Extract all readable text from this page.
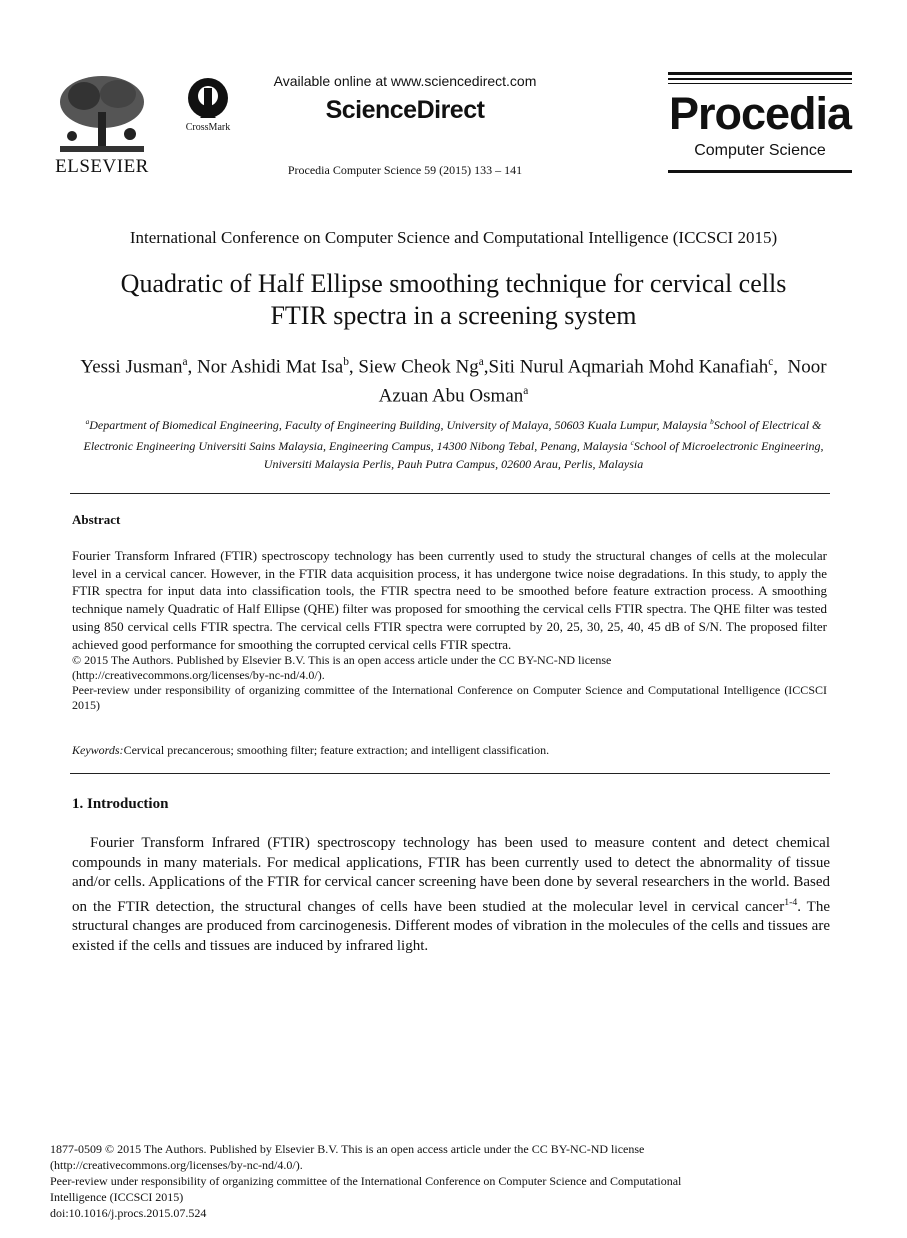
ELSEVIER
CrossMark
Available online at www.sciencedirect.com
ScienceDirect
Procedia Computer Science 59 (2015) 133 – 141
Procedia
Computer Science
International Conference on Computer Science and Computational Intelligence (ICCSCI 2015)
Quadratic of Half Ellipse smoothing technique for cervical cells
FTIR spectra in a screening system
Yessi Jusman$^a$, Nor Ashidi Mat Isa$^b$, Siew Cheok Ng$^a$,Siti Nurul Aqmariah Mohd Kanafiah$^c$,  Noor Azuan Abu Osman$^a$
$^a$Department of Biomedical Engineering, Faculty of Engineering Building, University of Malaya, 50603 Kuala Lumpur, Malaysia $^b$School of Electrical & Electronic Engineering Universiti Sains Malaysia, Engineering Campus, 14300 Nibong Tebal, Penang, Malaysia $^c$School of Microelectronic Engineering, Universiti Malaysia Perlis, Pauh Putra Campus, 02600 Arau, Perlis, Malaysia
Abstract

Fourier Transform Infrared (FTIR) spectroscopy technology has been currently used to study the structural changes of cells at the molecular level in a cervical cancer. However, in the FTIR data acquisition process, it has undergone twice noise degradations. In this study, to apply the FTIR spectra for input data into classification tools, the FTIR spectra need to be smoothed before feature extraction process. A smoothing technique namely Quadratic of Half Ellipse (QHE) filter was proposed for smoothing the cervical cells FTIR spectra. The QHE filter was tested using 850 cervical cells FTIR spectra. The cervical cells FTIR spectra were corrupted by 20, 25, 30, 25, 40, 45 dB of S/N. The proposed filter achieved good performance for smoothing the corrupted cervical cells FTIR spectra.

© 2015 The Authors. Published by Elsevier B.V. This is an open access article under the CC BY-NC-ND license

(http://creativecommons.org/licenses/by-nc-nd/4.0/).

Peer-review under responsibility of organizing committee of the International Conference on Computer Science and Computational Intelligence (ICCSCI 2015)

Keywords:Cervical precancerous; smoothing filter; feature extraction; and intelligent classification.
1. Introduction
Fourier Transform Infrared (FTIR) spectroscopy technology has been used to measure content and detect chemical compounds in many materials. For medical applications, FTIR has been currently used to detect the abnormality of tissue and/or cells. Applications of the FTIR for cervical cancer screening have been done by several researchers in the world. Based on the FTIR detection, the structural changes of cells have been studied at the molecular level in cervical cancer$^{1-4}$. The structural changes are produced from carcinogenesis. Different modes of vibration in the molecules of the cells and tissues are existed if the cells and tissues are induced by infrared light.
1877-0509 © 2015 The Authors. Published by Elsevier B.V. This is an open access article under the CC BY-NC-ND license
(http://creativecommons.org/licenses/by-nc-nd/4.0/).
Peer-review under responsibility of organizing committee of the International Conference on Computer Science and Computational
Intelligence (ICCSCI 2015)
doi:10.1016/j.procs.2015.07.524
